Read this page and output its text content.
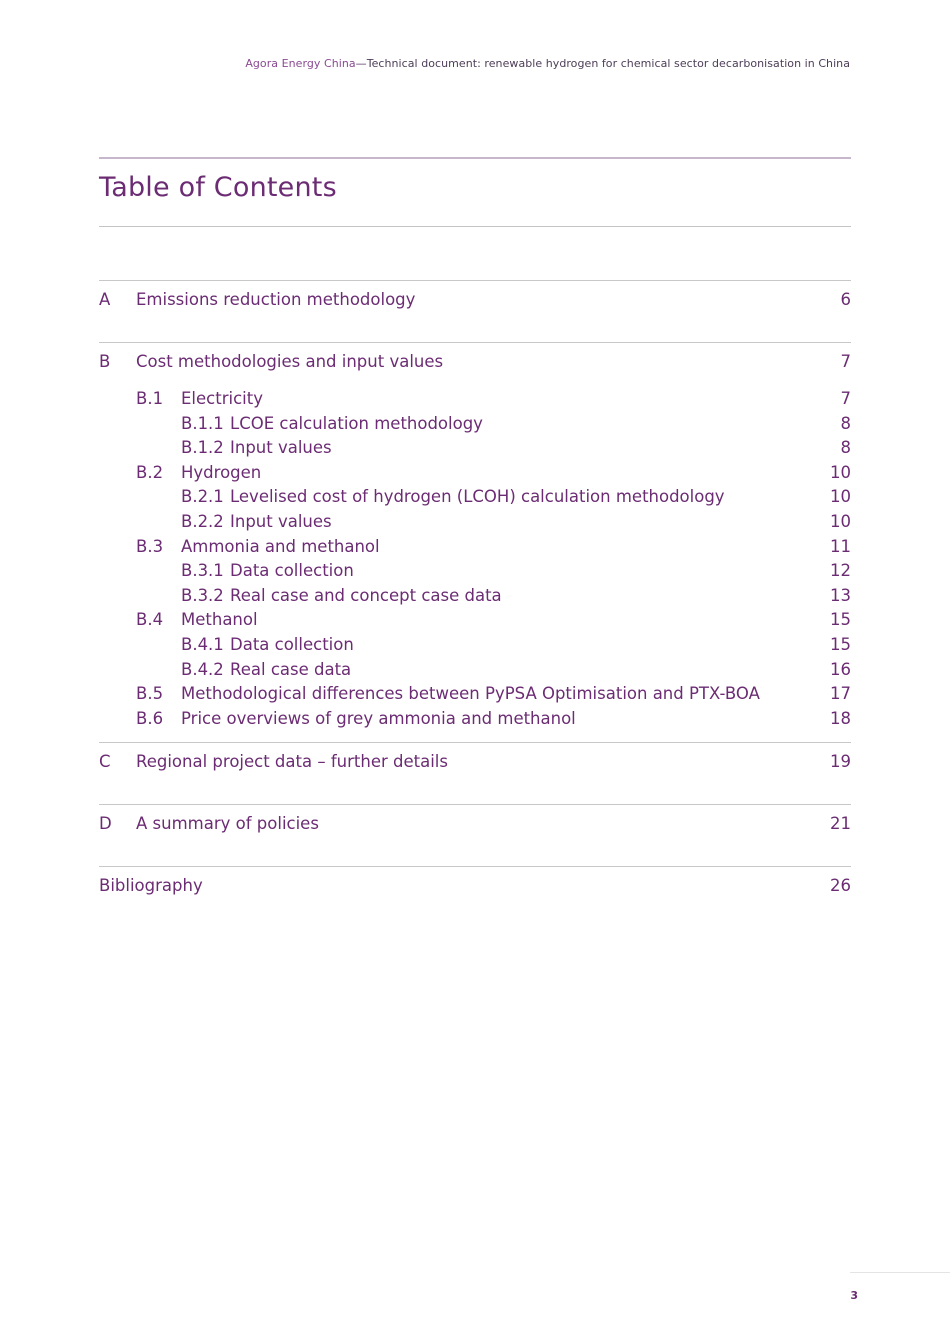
Agora Energy China—Technical document: renewable hydrogen for chemical sector decarbonisation in China
Table of Contents
A Emissions reduction methodology	6
B Cost methodologies and input values	7
B.1 Electricity	7
B.1.1 LCOE calculation methodology	8
B.1.2 Input values	8
B.2 Hydrogen	10
B.2.1 Levelised cost of hydrogen (LCOH) calculation methodology	10
B.2.2 Input values	10
B.3 Ammonia and methanol	11
B.3.1 Data collection	12
B.3.2 Real case and concept case data	13
B.4 Methanol	15
B.4.1 Data collection	15
B.4.2 Real case data	16
B.5 Methodological differences between PyPSA Optimisation and PTX-BOA	17
B.6 Price overviews of grey ammonia and methanol	18
C Regional project data – further details	19
D A summary of policies	21
Bibliography	26
3
